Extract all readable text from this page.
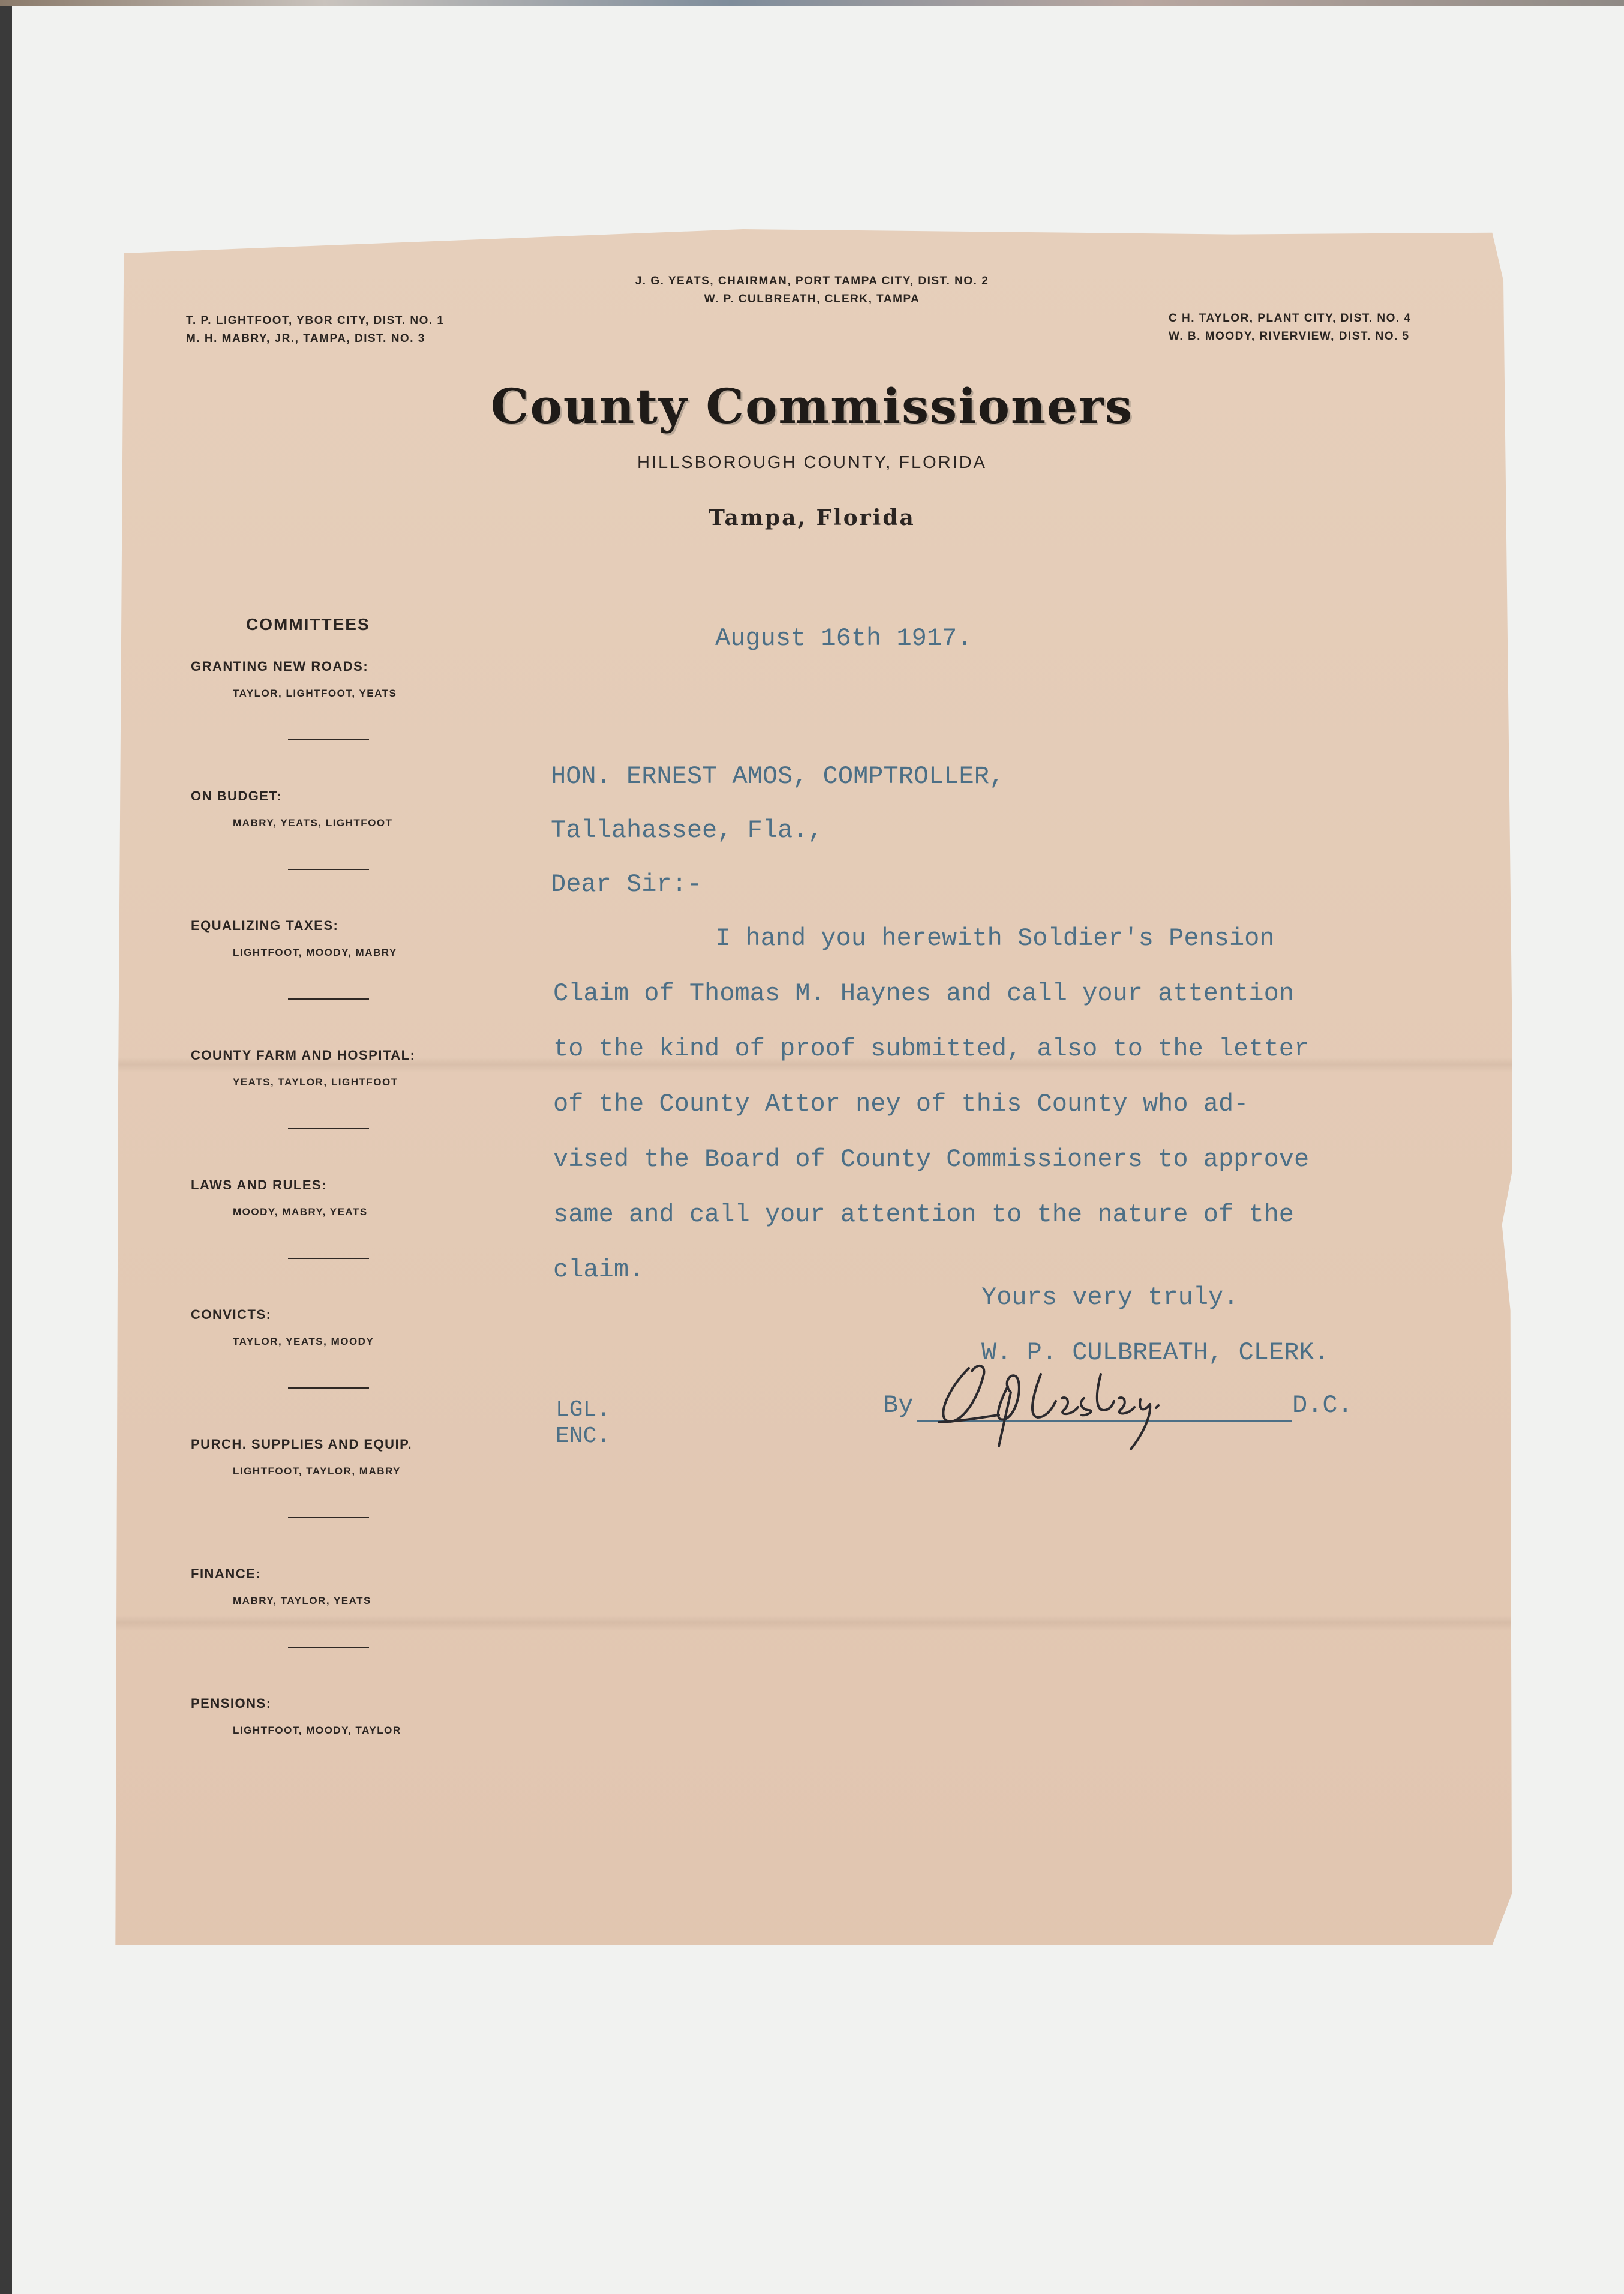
J. G. YEATS, CHAIRMAN, PORT TAMPA CITY, DIST. NO. 2
W. P. CULBREATH, CLERK, TAMPA
T. P. LIGHTFOOT, YBOR CITY, DIST. NO. 1
M. H. MABRY, JR., TAMPA, DIST. NO. 3
C H. TAYLOR, PLANT CITY, DIST. NO. 4
W. B. MOODY, RIVERVIEW, DIST. NO. 5
County Commissioners
HILLSBOROUGH COUNTY, FLORIDA
Tampa, Florida
COMMITTEES
GRANTING NEW ROADS:
TAYLOR, LIGHTFOOT, YEATS
ON BUDGET:
MABRY, YEATS, LIGHTFOOT
EQUALIZING TAXES:
LIGHTFOOT, MOODY, MABRY
COUNTY FARM AND HOSPITAL:
YEATS, TAYLOR, LIGHTFOOT
LAWS AND RULES:
MOODY, MABRY, YEATS
CONVICTS:
TAYLOR, YEATS, MOODY
PURCH. SUPPLIES AND EQUIP.
LIGHTFOOT, TAYLOR, MABRY
FINANCE:
MABRY, TAYLOR, YEATS
PENSIONS:
LIGHTFOOT, MOODY, TAYLOR
August 16th 1917.
HON. ERNEST AMOS, COMPTROLLER,
Tallahassee, Fla.,
Dear Sir:-
I hand you herewith Soldier's Pension
Claim of Thomas M. Haynes and call your attention
to the kind of proof submitted, also to the letter
of the County Attor ney of this County who ad-
vised the Board of County Commissioners to approve
same and call your attention to the nature of the
claim.
Yours very truly.
W. P. CULBREATH, CLERK.
By	D.C.
LGL.
ENC.
